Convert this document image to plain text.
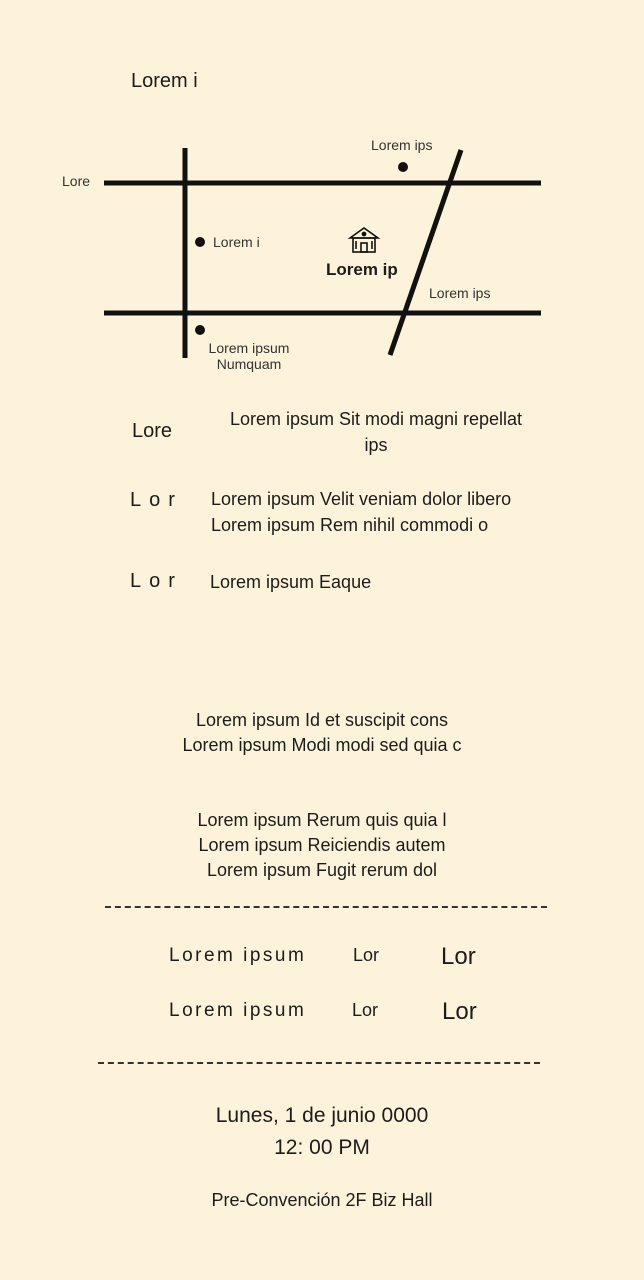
Lorem i
Lore
Lorem ips
Lorem i
Lorem ip
Lorem ips
Lorem ipsum
Numquam
Lore
Lorem ipsum Sit modi magni repellat
ips
Lor Lorem ipsum Velit veniam dolor libero
Lorem ipsum Rem nihil commodi o
Lor Lorem ipsum Eaque
Lorem ipsum Id et suscipit cons
Lorem ipsum Modi modi sed quia c
Lorem ipsum Rerum quis quia l
Lorem ipsum Reiciendis autem
Lorem ipsum Fugit rerum dol
Lorem ipsum	Lor	Lor
Lorem ipsum	Lor	Lor
Lunes, 1 de junio 0000
12: 00 PM
Pre-Convención 2F Biz Hall
